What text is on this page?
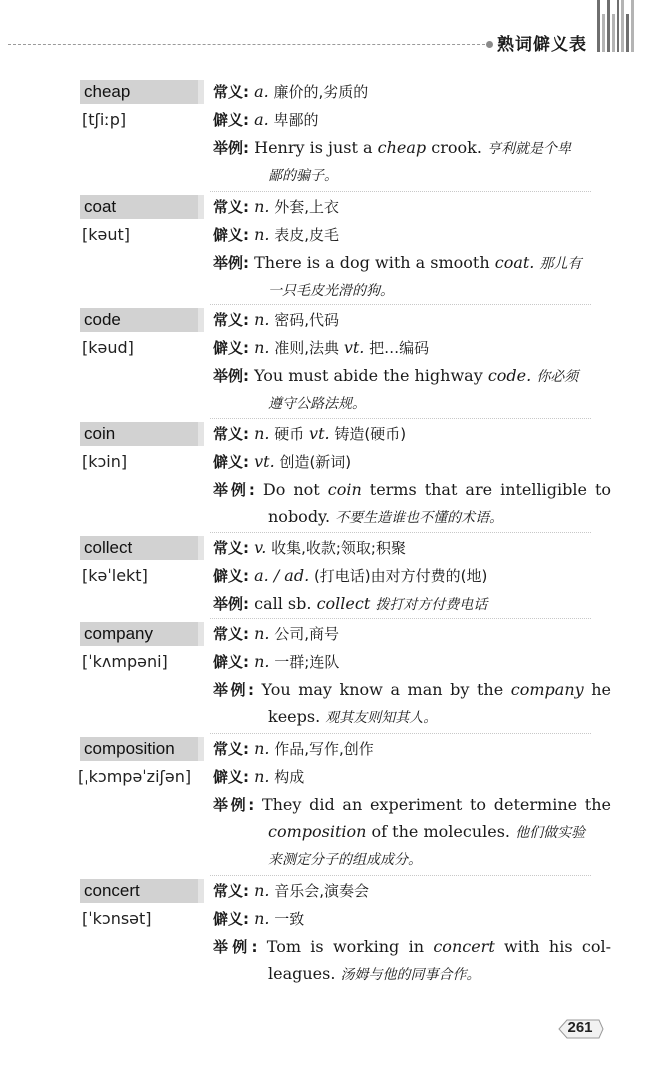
熟词僻义表
cheap
[tʃiːp]
常义: a. 廉价的,劣质的
僻义: a. 卑鄙的
举例: Henry is just a cheap crook. 亨利就是个卑
鄙的骗子。
coat
[kəut]
常义: n. 外套,上衣
僻义: n. 表皮,皮毛
举例: There is a dog with a smooth coat. 那儿有
一只毛皮光滑的狗。
code
[kəud]
常义: n. 密码,代码
僻义: n. 准则,法典 vt. 把…编码
举例: You must abide the highway code. 你必须
遵守公路法规。
coin
[kɔin]
常义: n. 硬币 vt. 铸造(硬币)
僻义: vt. 创造(新词)
举例: Do not coin terms that are intelligible to
nobody. 不要生造谁也不懂的术语。
collect
[kəˈlekt]
常义: v. 收集,收款;领取;积聚
僻义: a. / ad. (打电话)由对方付费的(地)
举例: call sb. collect 拨打对方付费电话
company
[ˈkʌmpəni]
常义: n. 公司,商号
僻义: n. 一群;连队
举例: You may know a man by the company he
keeps. 观其友则知其人。
composition
[ˌkɔmpəˈziʃən]
常义: n. 作品,写作,创作
僻义: n. 构成
举例: They did an experiment to determine the
composition of the molecules. 他们做实验
来测定分子的组成成分。
concert
[ˈkɔnsət]
常义: n. 音乐会,演奏会
僻义: n. 一致
举例: Tom is working in concert with his col-
leagues. 汤姆与他的同事合作。
261
